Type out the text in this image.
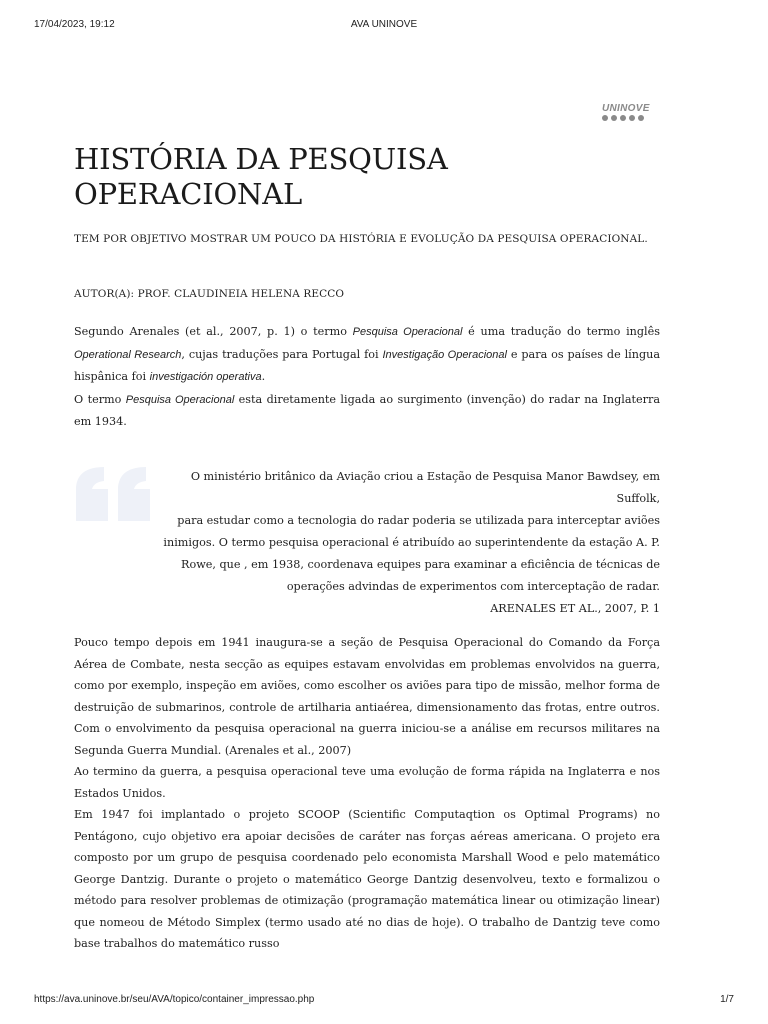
17/04/2023, 19:12	AVA UNINOVE
UNINOVE
HISTÓRIA DA PESQUISA
OPERACIONAL
TEM POR OBJETIVO MOSTRAR UM POUCO DA HISTÓRIA E EVOLUÇÃO DA PESQUISA OPERACIONAL.
AUTOR(A): PROF. CLAUDINEIA HELENA RECCO

Segundo Arenales (et al., 2007, p. 1) o termo Pesquisa Operacional é uma tradução do termo inglês Operational Research, cujas traduções para Portugal foi Investigação Operacional e para os países de língua hispânica foi investigación operativa.

O termo Pesquisa Operacional esta diretamente ligada ao surgimento (invenção) do radar na Inglaterra em 1934.

O ministério britânico da Aviação criou a Estação de Pesquisa Manor Bawdsey, em Suffolk,
para estudar como a tecnologia do radar poderia se utilizada para interceptar aviões
inimigos. O termo pesquisa operacional é atribuído ao superintendente da estação A. P.
Rowe, que , em 1938, coordenava equipes para examinar a eficiência de técnicas de
operações advindas de experimentos com interceptação de radar.
ARENALES ET AL., 2007, P. 1

Pouco tempo depois em 1941 inaugura-se a seção de Pesquisa Operacional do Comando da Força Aérea de Combate, nesta secção as equipes estavam envolvidas em problemas envolvidos na guerra, como por exemplo, inspeção em aviões, como escolher os aviões para tipo de missão, melhor forma de destruição de submarinos, controle de artilharia antiaérea, dimensionamento das frotas, entre outros. Com o envolvimento da pesquisa operacional na guerra iniciou-se a análise em recursos militares na Segunda Guerra Mundial. (Arenales et al., 2007)

Ao termino da guerra, a pesquisa operacional teve uma evolução de forma rápida na Inglaterra e nos Estados Unidos.

Em 1947 foi implantado o projeto SCOOP (Scientific Computaqtion os Optimal Programs) no Pentágono, cujo objetivo era apoiar decisões de caráter nas forças aéreas americana. O projeto era composto por um grupo de pesquisa coordenado pelo economista Marshall Wood e pelo matemático George Dantzig. Durante o projeto o matemático George Dantzig desenvolveu, texto e formalizou o método para resolver problemas de otimização (programação matemática linear ou otimização linear) que nomeou de Método Simplex (termo usado até no dias de hoje). O trabalho de Dantzig teve como base trabalhos do matemático russo

https://ava.uninove.br/seu/AVA/topico/container_impressao.php	1/7
